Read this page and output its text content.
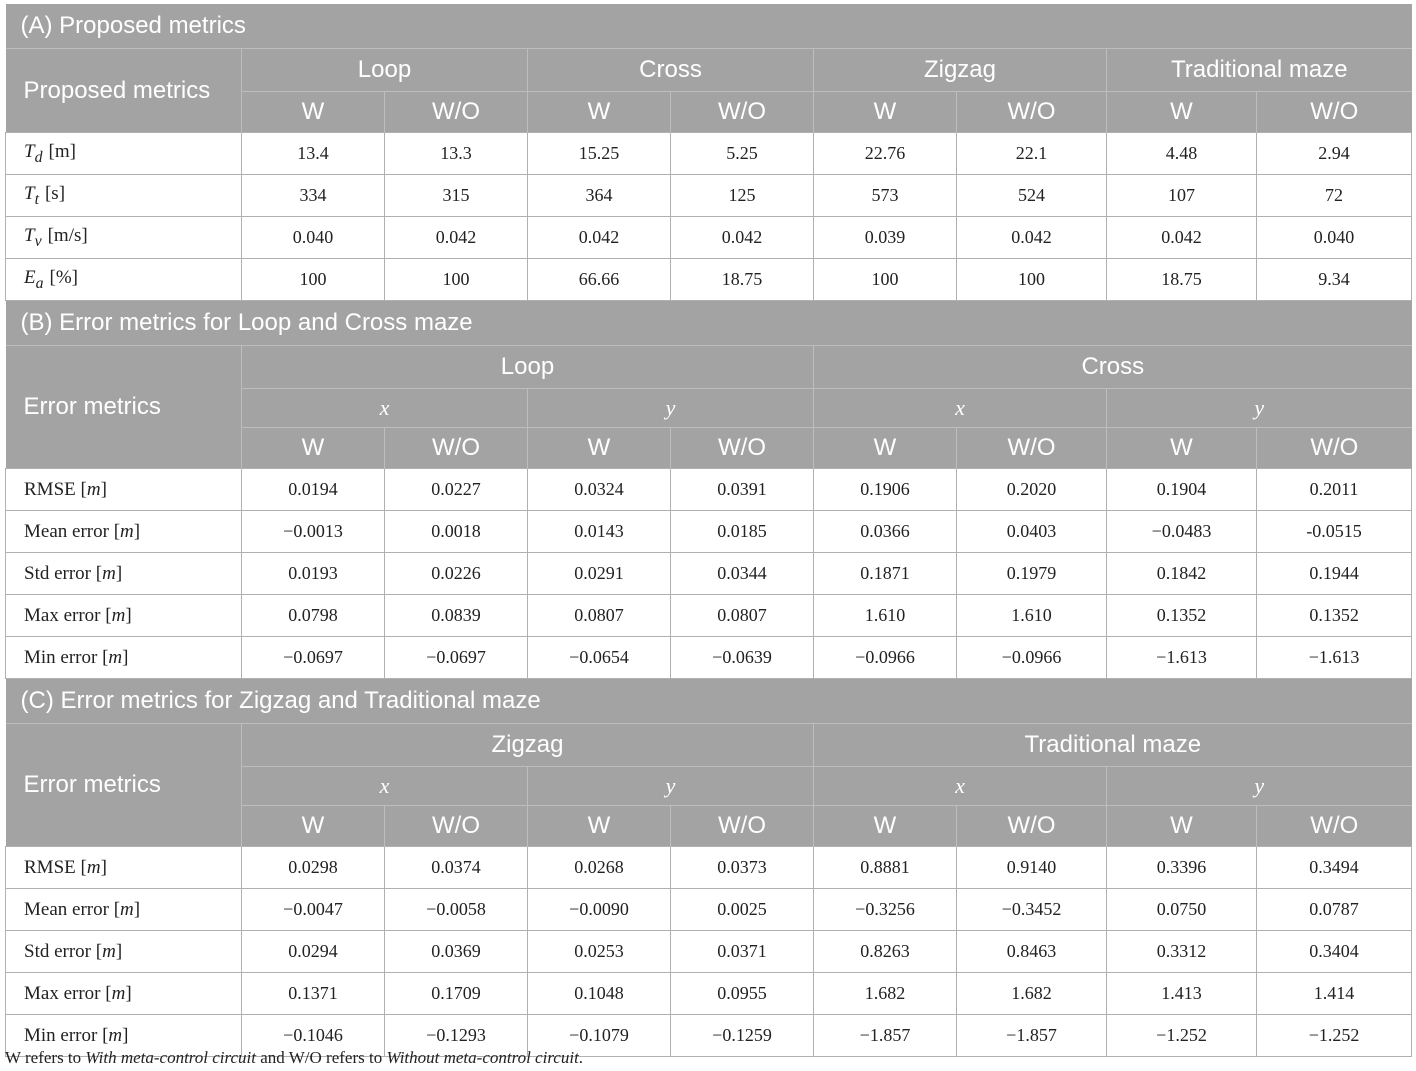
(A) Proposed metrics								
Proposed metrics	Loop		Cross		Zigzag		Traditional maze	
	W	W/O	W	W/O	W	W/O	W	W/O
$T_d$ [m]	13.4	13.3	15.25	5.25	22.76	22.1	4.48	2.94
$T_t$ [s]	334	315	364	125	573	524	107	72
$T_v$ [m/s]	0.040	0.042	0.042	0.042	0.039	0.042	0.042	0.040
$E_a$ [%]	100	100	66.66	18.75	100	100	18.75	9.34
(B) Error metrics for Loop and Cross maze								
Error metrics	Loop				Cross			
	x		y		x		y	
	W	W/O	W	W/O	W	W/O	W	W/O
RMSE [m]	0.0194	0.0227	0.0324	0.0391	0.1906	0.2020	0.1904	0.2011
Mean error [m]	−0.0013	0.0018	0.0143	0.0185	0.0366	0.0403	−0.0483	-0.0515
Std error [m]	0.0193	0.0226	0.0291	0.0344	0.1871	0.1979	0.1842	0.1944
Max error [m]	0.0798	0.0839	0.0807	0.0807	1.610	1.610	0.1352	0.1352
Min error [m]	−0.0697	−0.0697	−0.0654	−0.0639	−0.0966	−0.0966	−1.613	−1.613
(C) Error metrics for Zigzag and Traditional maze								
Error metrics	Zigzag				Traditional maze			
	x		y		x		y	
	W	W/O	W	W/O	W	W/O	W	W/O
RMSE [m]	0.0298	0.0374	0.0268	0.0373	0.8881	0.9140	0.3396	0.3494
Mean error [m]	−0.0047	−0.0058	−0.0090	0.0025	−0.3256	−0.3452	0.0750	0.0787
Std error [m]	0.0294	0.0369	0.0253	0.0371	0.8263	0.8463	0.3312	0.3404
Max error [m]	0.1371	0.1709	0.1048	0.0955	1.682	1.682	1.413	1.414
Min error [m]	−0.1046	−0.1293	−0.1079	−0.1259	−1.857	−1.857	−1.252	−1.252
W refers to With meta-control circuit and W/O refers to Without meta-control circuit.
